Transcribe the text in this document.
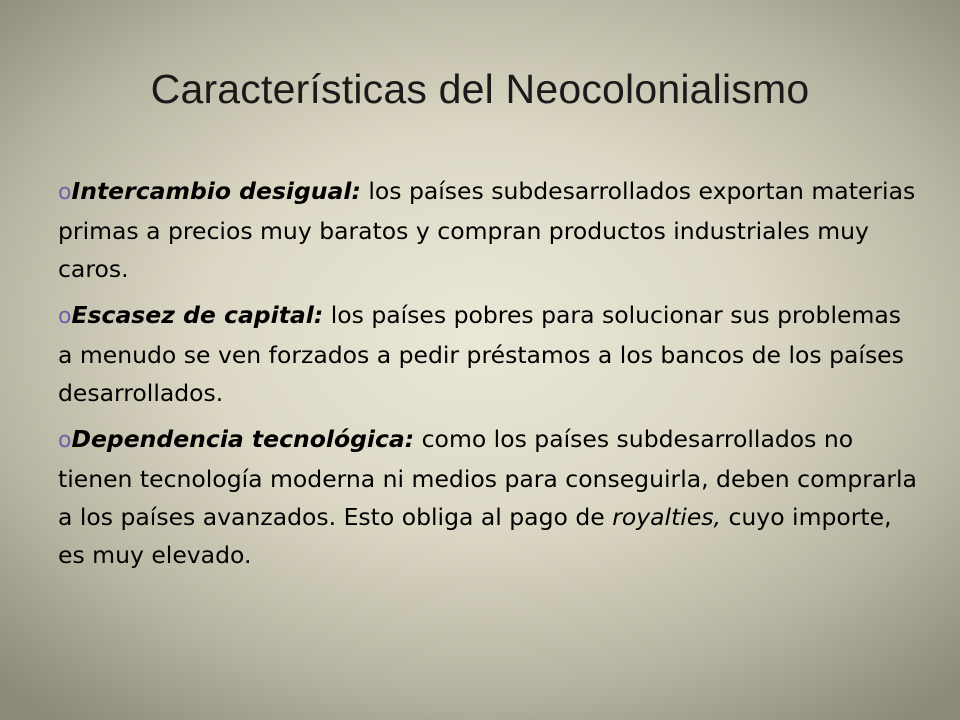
Características del Neocolonialismo
oIntercambio desigual: los países subdesarrollados exportan materias primas a precios muy baratos y compran productos industriales muy caros.
oEscasez de capital: los países pobres para solucionar sus problemas a menudo se ven forzados a pedir préstamos a los bancos de los países desarrollados.
oDependencia tecnológica: como los países subdesarrollados no tienen tecnología moderna ni medios para conseguirla, deben comprarla a los países avanzados. Esto obliga al pago de royalties, cuyo importe, es muy elevado.
